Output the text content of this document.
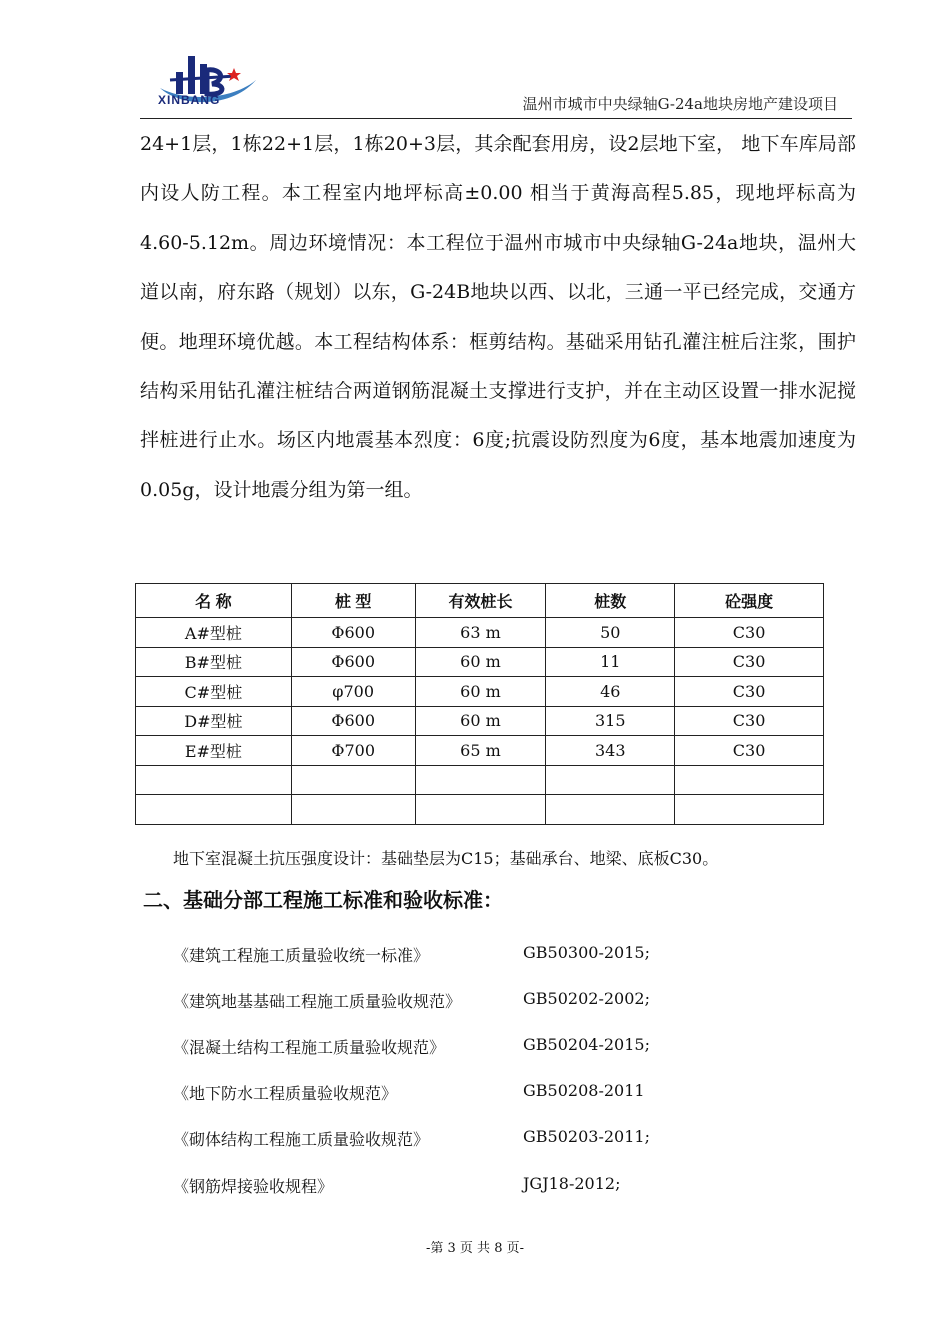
XINBANG	温州市城市中央绿轴G-24a地块房地产建设项目

24+1层，1栋22+1层，1栋20+3层，其余配套用房，设2层地下室， 地下车库局部内设人防工程。本工程室内地坪标高±0.00 相当于黄海高程5.85，现地坪标高为 4.60-5.12m。周边环境情况：本工程位于温州市城市中央绿轴G-24a地块，温州大道以南，府东路（规划）以东，G-24B地块以西、以北，三通一平已经完成，交通方便。地理环境优越。本工程结构体系：框剪结构。基础采用钻孔灌注桩后注浆，围护结构采用钻孔灌注桩结合两道钢筋混凝土支撑进行支护，并在主动区设置一排水泥搅拌桩进行止水。场区内地震基本烈度：6度;抗震设防烈度为6度，基本地震加速度为0.05g，设计地震分组为第一组。

名 称	桩 型	有效桩长	桩数	砼强度
A#型桩	Φ600	63 m	50	C30
B#型桩	Φ600	60 m	11	C30
C#型桩	φ700	60 m	46	C30
D#型桩	Φ600	60 m	315	C30
E#型桩	Φ700	65 m	343	C30

地下室混凝土抗压强度设计：基础垫层为C15；基础承台、地梁、底板C30。
二、基础分部工程施工标准和验收标准：
《建筑工程施工质量验收统一标准》	GB50300-2015;
《建筑地基基础工程施工质量验收规范》	GB50202-2002;
《混凝土结构工程施工质量验收规范》	GB50204-2015;
《地下防水工程质量验收规范》	GB50208-2011
《砌体结构工程施工质量验收规范》	GB50203-2011;
《钢筋焊接验收规程》	JGJ18-2012;
-第 3 页 共 8 页-
